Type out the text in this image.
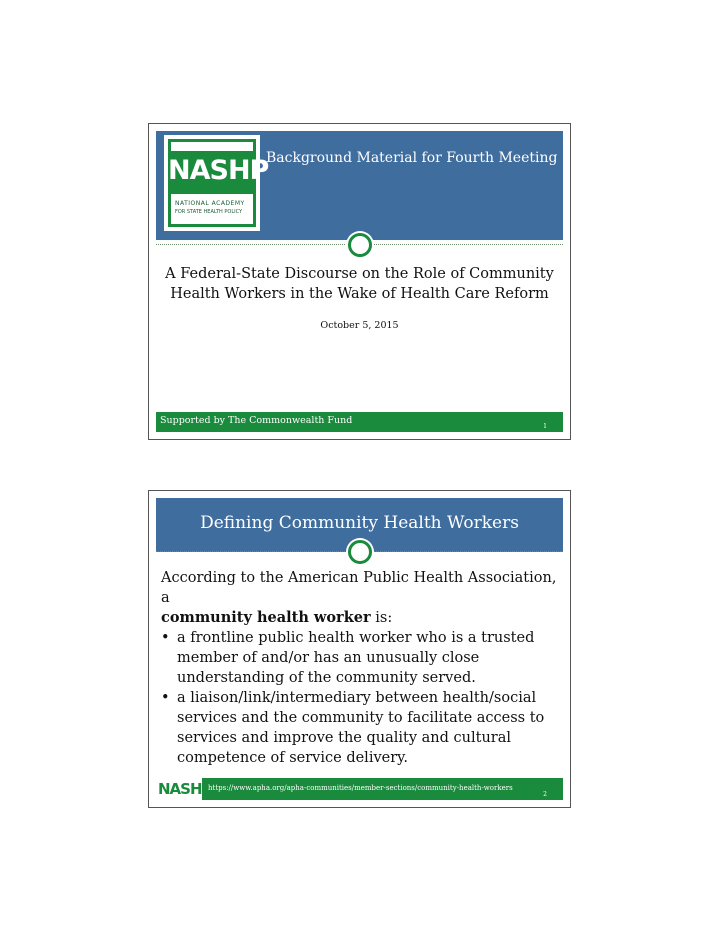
NASHP
NATIONAL ACADEMY
FOR STATE HEALTH POLICY
Background Material for Fourth Meeting
A Federal-State Discourse on the Role of Community
Health Workers in the Wake of Health Care Reform
October 5, 2015
Supported by The Commonwealth Fund
1
Defining Community Health Workers

According to the American Public Health Association, a
community health worker is:

• a frontline public health worker who is a trusted member of and/or has an unusually close understanding of the community served.
• a liaison/link/intermediary between health/social services and the community to facilitate access to services and improve the quality and cultural competence of service delivery.
NASHP
https://www.apha.org/apha-communities/member-sections/community-health-workers
2
